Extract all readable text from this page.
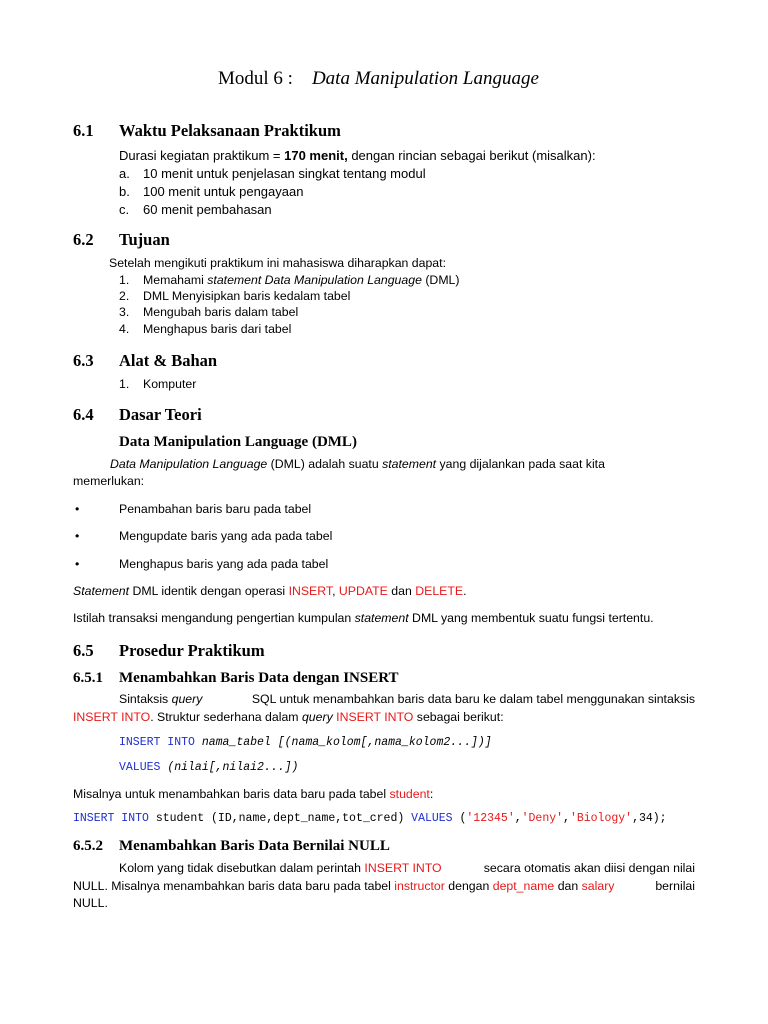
Modul 6 : Data Manipulation Language
6.1 Waktu Pelaksanaan Praktikum
Durasi kegiatan praktikum = 170 menit, dengan rincian sebagai berikut (misalkan):
a. 10 menit untuk penjelasan singkat tentang modul
b. 100 menit untuk pengayaan
c. 60 menit pembahasan
6.2 Tujuan
Setelah mengikuti praktikum ini mahasiswa diharapkan dapat:
1. Memahami statement Data Manipulation Language (DML)
2. DML Menyisipkan baris kedalam tabel
3. Mengubah baris dalam tabel
4. Menghapus baris dari tabel
6.3 Alat & Bahan
1. Komputer
6.4 Dasar Teori
Data Manipulation Language (DML)
Data Manipulation Language (DML) adalah suatu statement yang dijalankan pada saat kita
memerlukan:
•	Penambahan baris baru pada tabel
•	Mengupdate baris yang ada pada tabel
•	Menghapus baris yang ada pada tabel
Statement DML identik dengan operasi INSERT, UPDATE dan DELETE.
Istilah transaksi mengandung pengertian kumpulan statement DML yang membentuk suatu fungsi tertentu.
6.5 Prosedur Praktikum
6.5.1 Menambahkan Baris Data dengan INSERT
Sintaksis query	SQL untuk menambahkan baris data baru ke dalam tabel menggunakan sintaksis
INSERT INTO. Struktur sederhana dalam query INSERT INTO sebagai berikut:
INSERT INTO nama_tabel [(nama_kolom[,nama_kolom2...])]
VALUES (nilai[,nilai2...])
Misalnya untuk menambahkan baris data baru pada tabel student:
INSERT INTO student (ID,name,dept_name,tot_cred) VALUES ('12345','Deny','Biology',34);
6.5.2 Menambahkan Baris Data Bernilai NULL
Kolom yang tidak disebutkan dalam perintah INSERT INTO	secara otomatis akan diisi dengan nilai
NULL. Misalnya menambahkan baris data baru pada tabel instructor dengan dept_name dan salary	bernilai
NULL.
